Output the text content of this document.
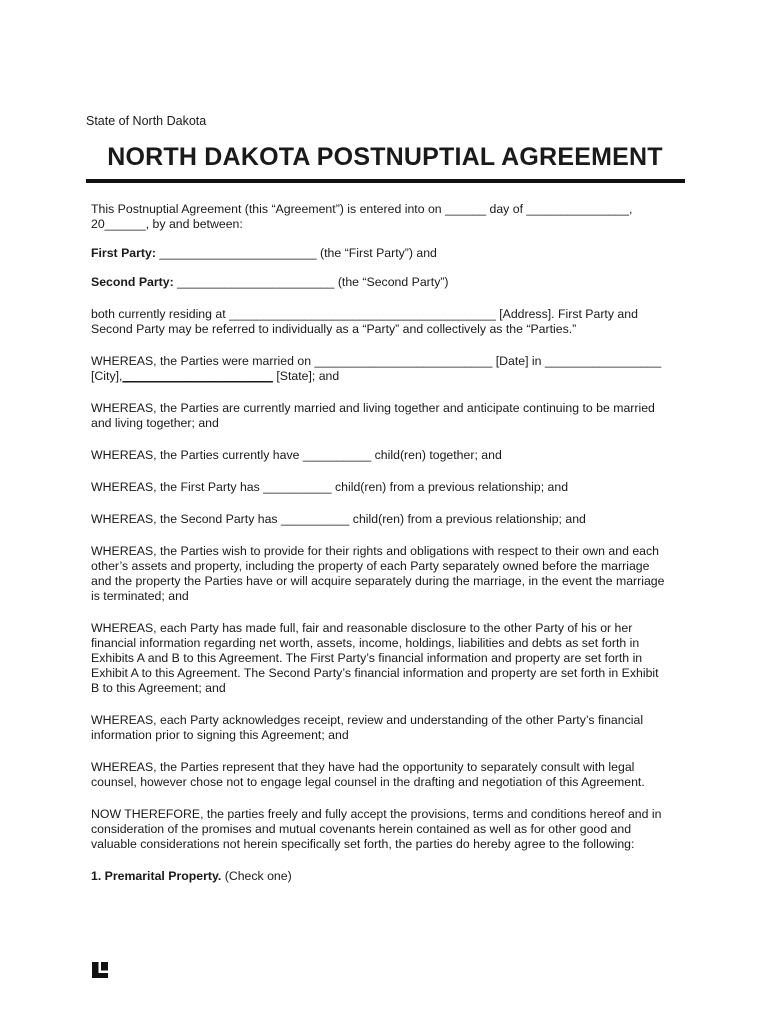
State of North Dakota
NORTH DAKOTA POSTNUPTIAL AGREEMENT

This Postnuptial Agreement (this “Agreement”) is entered into on ______ day of _______________,
20______, by and between:

First Party: _______________________ (the “First Party”) and

Second Party: _______________________ (the “Second Party”)

both currently residing at _______________________________________ [Address]. First Party and
Second Party may be referred to individually as a “Party” and collectively as the “Parties.”

WHEREAS, the Parties were married on __________________________ [Date] in _________________
[City],______________________ [State]; and

WHEREAS, the Parties are currently married and living together and anticipate continuing to be married
and living together; and

WHEREAS, the Parties currently have __________ child(ren) together; and

WHEREAS, the First Party has __________ child(ren) from a previous relationship; and

WHEREAS, the Second Party has __________ child(ren) from a previous relationship; and

WHEREAS, the Parties wish to provide for their rights and obligations with respect to their own and each
other’s assets and property, including the property of each Party separately owned before the marriage
and the property the Parties have or will acquire separately during the marriage, in the event the marriage
is terminated; and

WHEREAS, each Party has made full, fair and reasonable disclosure to the other Party of his or her
financial information regarding net worth, assets, income, holdings, liabilities and debts as set forth in
Exhibits A and B to this Agreement. The First Party’s financial information and property are set forth in
Exhibit A to this Agreement. The Second Party’s financial information and property are set forth in Exhibit
B to this Agreement; and

WHEREAS, each Party acknowledges receipt, review and understanding of the other Party’s financial
information prior to signing this Agreement; and

WHEREAS, the Parties represent that they have had the opportunity to separately consult with legal
counsel, however chose not to engage legal counsel in the drafting and negotiation of this Agreement.

NOW THEREFORE, the parties freely and fully accept the provisions, terms and conditions hereof and in
consideration of the promises and mutual covenants herein contained as well as for other good and
valuable considerations not herein specifically set forth, the parties do hereby agree to the following:

1. Premarital Property. (Check one)
